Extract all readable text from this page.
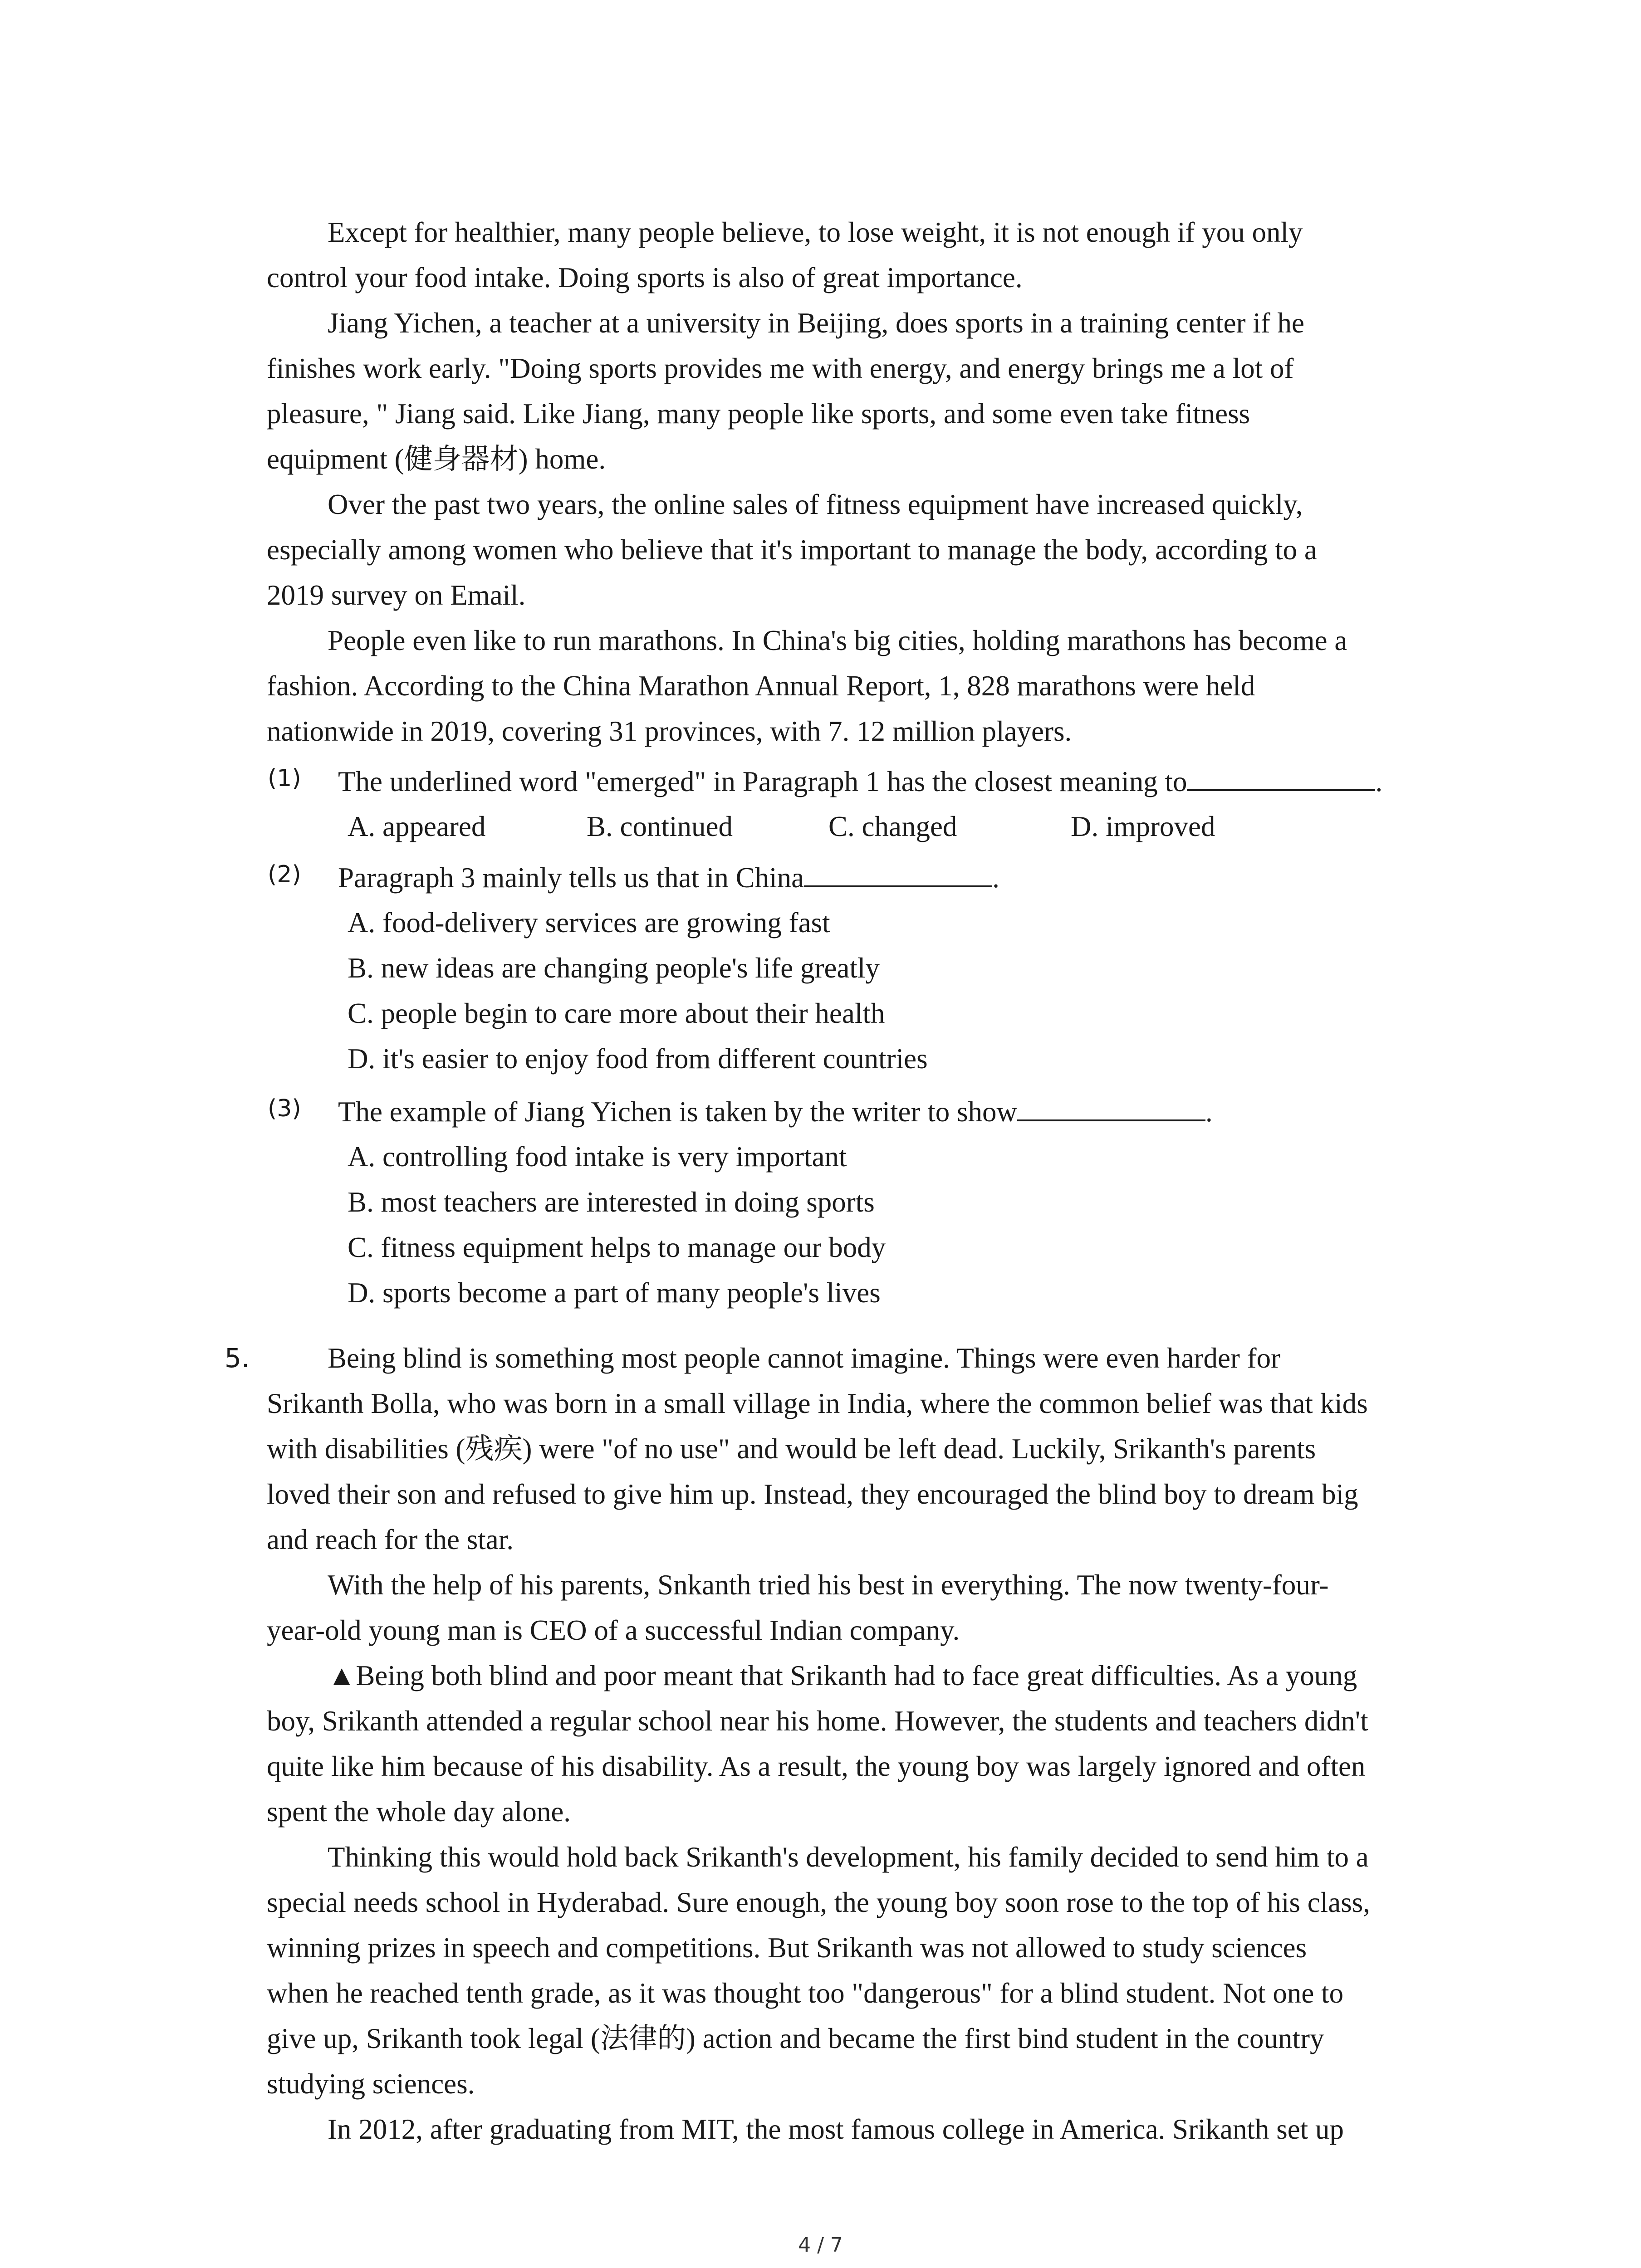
Except for healthier, many people believe, to lose weight, it is not enough if you only
control your food intake. Doing sports is also of great importance.
Jiang Yichen, a teacher at a university in Beijing, does sports in a training center if he
finishes work early. "Doing sports provides me with energy, and energy brings me a lot of
pleasure, " Jiang said. Like Jiang, many people like sports, and some even take fitness
equipment (健身器材) home.
Over the past two years, the online sales of fitness equipment have increased quickly,
especially among women who believe that it's important to manage the body, according to a
2019 survey on Email.
People even like to run marathons. In China's big cities, holding marathons has become a
fashion. According to the China Marathon Annual Report, 1, 828 marathons were held
nationwide in 2019, covering 31 provinces, with 7. 12 million players.
(1) The underlined word "emerged" in Paragraph 1 has the closest meaning to	.
A. appeared	B. continued	C. changed	D. improved
(2) Paragraph 3 mainly tells us that in China	.
A. food-delivery services are growing fast
B. new ideas are changing people's life greatly
C. people begin to care more about their health
D. it's easier to enjoy food from different countries
(3) The example of Jiang Yichen is taken by the writer to show	.
A. controlling food intake is very important
B. most teachers are interested in doing sports
C. fitness equipment helps to manage our body
D. sports become a part of many people's lives
5.	Being blind is something most people cannot imagine. Things were even harder for
Srikanth Bolla, who was born in a small village in India, where the common belief was that kids
with disabilities (残疾) were "of no use" and would be left dead. Luckily, Srikanth's parents
loved their son and refused to give him up. Instead, they encouraged the blind boy to dream big
and reach for the star.
With the help of his parents, Snkanth tried his best in everything. The now twenty-four-
year-old young man is CEO of a successful Indian company.
▲Being both blind and poor meant that Srikanth had to face great difficulties. As a young
boy, Srikanth attended a regular school near his home. However, the students and teachers didn't
quite like him because of his disability. As a result, the young boy was largely ignored and often
spent the whole day alone.
Thinking this would hold back Srikanth's development, his family decided to send him to a
special needs school in Hyderabad. Sure enough, the young boy soon rose to the top of his class,
winning prizes in speech and competitions. But Srikanth was not allowed to study sciences
when he reached tenth grade, as it was thought too "dangerous" for a blind student. Not one to
give up, Srikanth took legal (法律的) action and became the first bind student in the country
studying sciences.
In 2012, after graduating from MIT, the most famous college in America. Srikanth set up
4 / 7
